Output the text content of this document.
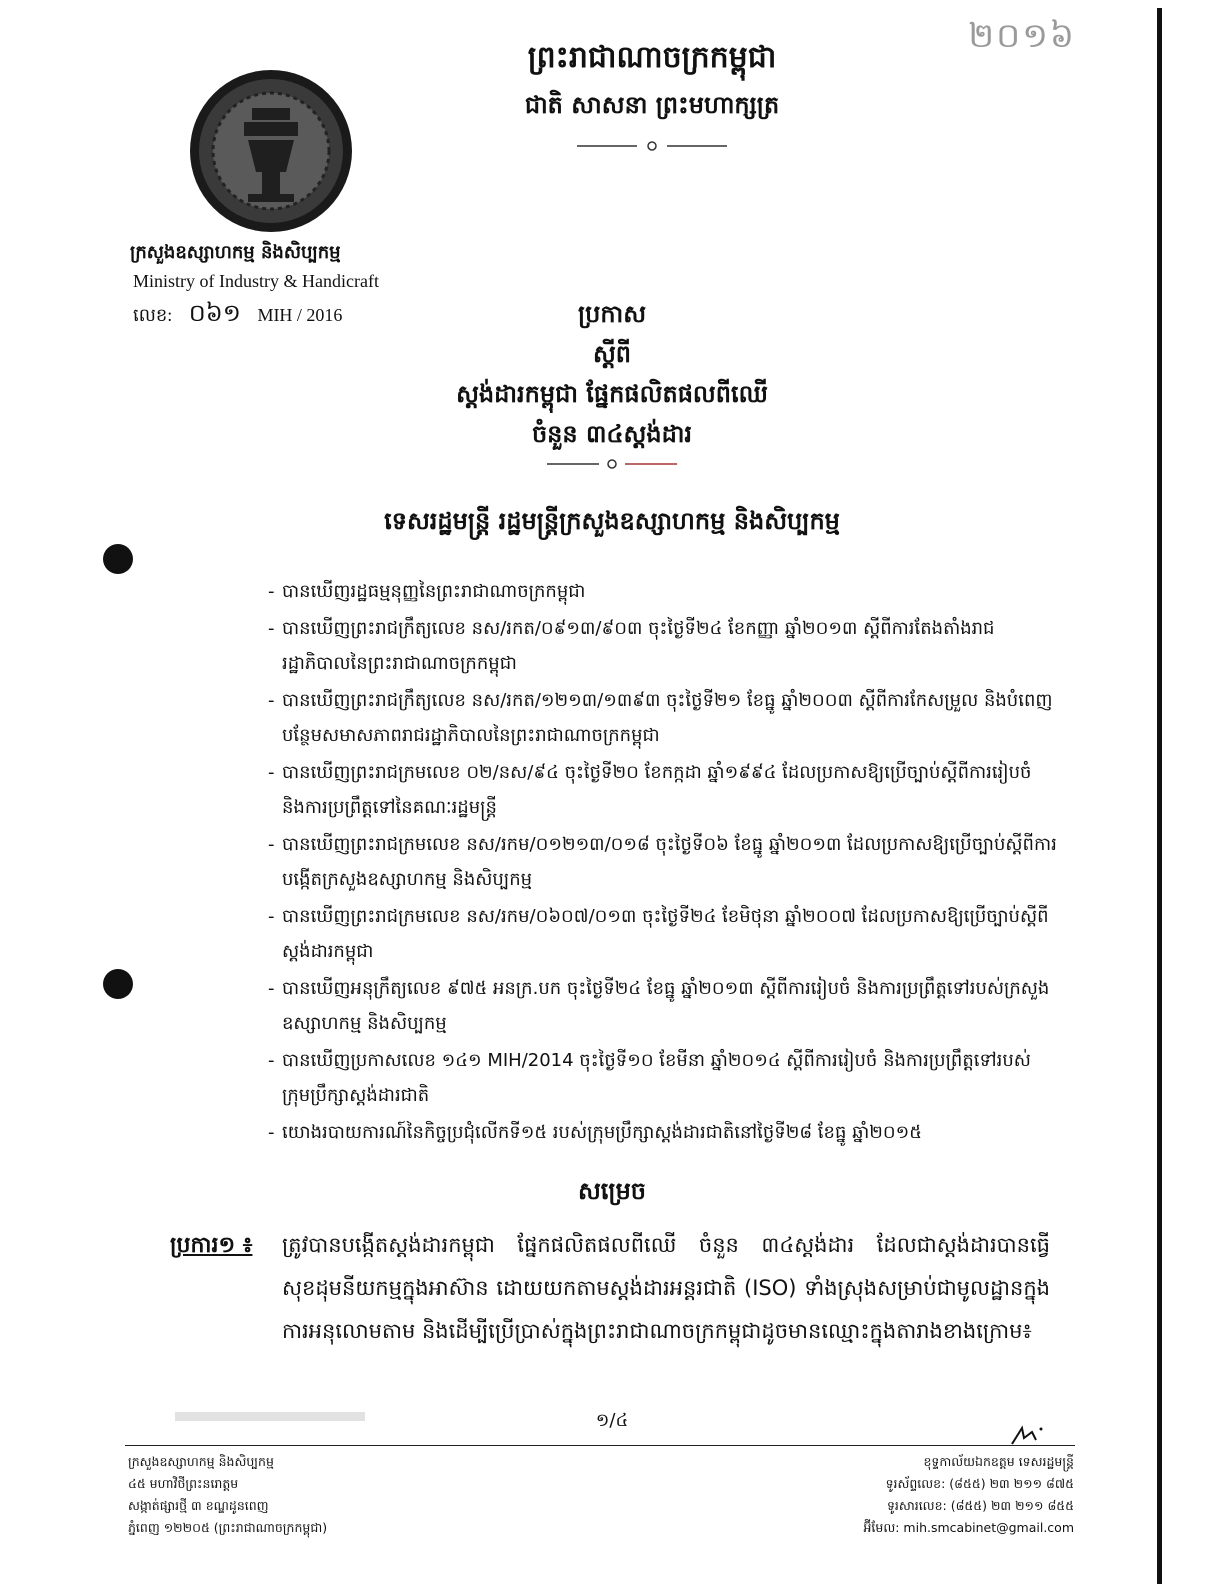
២០១៦
ព្រះរាជាណាចក្រកម្ពុជា
ជាតិ សាសនា ព្រះមហាក្សត្រ
ក្រសួងឧស្សាហកម្ម និងសិប្បកម្ម
Ministry of Industry & Handicraft
លេខ: ០៦១ MIH / 2016	ប្រកាស
ស្ដីពី
ស្តង់ដារកម្ពុជា ផ្នែកផលិតផលពីឈើ
ចំនួន ៣៤ស្តង់ដារ
ទេសរដ្ឋមន្ត្រី រដ្ឋមន្ត្រីក្រសួងឧស្សាហកម្ម និងសិប្បកម្ម
- បានឃើញរដ្ឋធម្មនុញ្ញនៃព្រះរាជាណាចក្រកម្ពុជា
- បានឃើញព្រះរាជក្រឹត្យលេខ នស/រកត/០៩១៣/៩០៣ ចុះថ្ងៃទី២៤ ខែកញ្ញា ឆ្នាំ២០១៣ ស្តីពីការតែងតាំងរាជរដ្ឋាភិបាលនៃព្រះរាជាណាចក្រកម្ពុជា
- បានឃើញព្រះរាជក្រឹត្យលេខ នស/រកត/១២១៣/១៣៩៣ ចុះថ្ងៃទី២១ ខែធ្នូ ឆ្នាំ២០០៣ ស្តីពីការកែសម្រួល និងបំពេញបន្ថែមសមាសភាពរាជរដ្ឋាភិបាលនៃព្រះរាជាណាចក្រកម្ពុជា
- បានឃើញព្រះរាជក្រមលេខ ០២/នស/៩៤ ចុះថ្ងៃទី២០ ខែកក្កដា ឆ្នាំ១៩៩៤ ដែលប្រកាសឱ្យប្រើច្បាប់ស្តីពីការរៀបចំ និងការប្រព្រឹត្តទៅនៃគណៈរដ្ឋមន្ត្រី
- បានឃើញព្រះរាជក្រមលេខ នស/រកម/០១២១៣/០១៨ ចុះថ្ងៃទី០៦ ខែធ្នូ ឆ្នាំ២០១៣ ដែលប្រកាសឱ្យប្រើច្បាប់ស្តីពីការបង្កើតក្រសួងឧស្សាហកម្ម និងសិប្បកម្ម
- បានឃើញព្រះរាជក្រមលេខ នស/រកម/០៦០៧/០១៣ ចុះថ្ងៃទី២៤ ខែមិថុនា ឆ្នាំ២០០៧ ដែលប្រកាសឱ្យប្រើច្បាប់ស្តីពីស្តង់ដារកម្ពុជា
- បានឃើញអនុក្រឹត្យលេខ ៩៧៥ អនក្រ.បក ចុះថ្ងៃទី២៤ ខែធ្នូ ឆ្នាំ២០១៣ ស្តីពីការរៀបចំ និងការប្រព្រឹត្តទៅរបស់ក្រសួងឧស្សាហកម្ម និងសិប្បកម្ម
- បានឃើញប្រកាសលេខ ១៤១ MIH/2014 ចុះថ្ងៃទី១០ ខែមីនា ឆ្នាំ២០១៤ ស្តីពីការរៀបចំ និងការប្រព្រឹត្តទៅរបស់ក្រុមប្រឹក្សាស្តង់ដារជាតិ
- យោងរបាយការណ៍នៃកិច្ចប្រជុំលើកទី១៥ របស់ក្រុមប្រឹក្សាស្តង់ដារជាតិនៅថ្ងៃទី២៨ ខែធ្នូ ឆ្នាំ២០១៥
សម្រេច
ប្រការ១ ៖ ត្រូវបានបង្កើតស្តង់ដារកម្ពុជា ផ្នែកផលិតផលពីឈើ ចំនួន ៣៤ស្តង់ដារ ដែលជាស្តង់ដារបានធ្វើសុខដុមនីយកម្មក្នុងអាស៊ាន ដោយយកតាមស្តង់ដារអន្តរជាតិ (ISO) ទាំងស្រុងសម្រាប់ជាមូលដ្ឋានក្នុងការអនុលោមតាម និងដើម្បីប្រើប្រាស់ក្នុងព្រះរាជាណាចក្រកម្ពុជាដូចមានឈ្មោះក្នុងតារាងខាងក្រោម៖
១/៤
ក្រសួងឧស្សាហកម្ម និងសិប្បកម្ម
៤៥ មហាវិថីព្រះនរោត្តម
សង្កាត់ផ្សារថ្មី ៣ ខណ្ឌដូនពេញ
ភ្នំពេញ ១២២០៥ (ព្រះរាជាណាចក្រកម្ពុជា)
ខុទ្ទកាល័យឯកឧត្តម ទេសរដ្ឋមន្ត្រី
ទូរស័ព្ទលេខ: (៨៥៥) ២៣ ២១១ ៨៧៥
ទូរសារលេខ: (៨៥៥) ២៣ ២១១ ៨៥៥
អ៊ីមែល: mih.smcabinet@gmail.com
